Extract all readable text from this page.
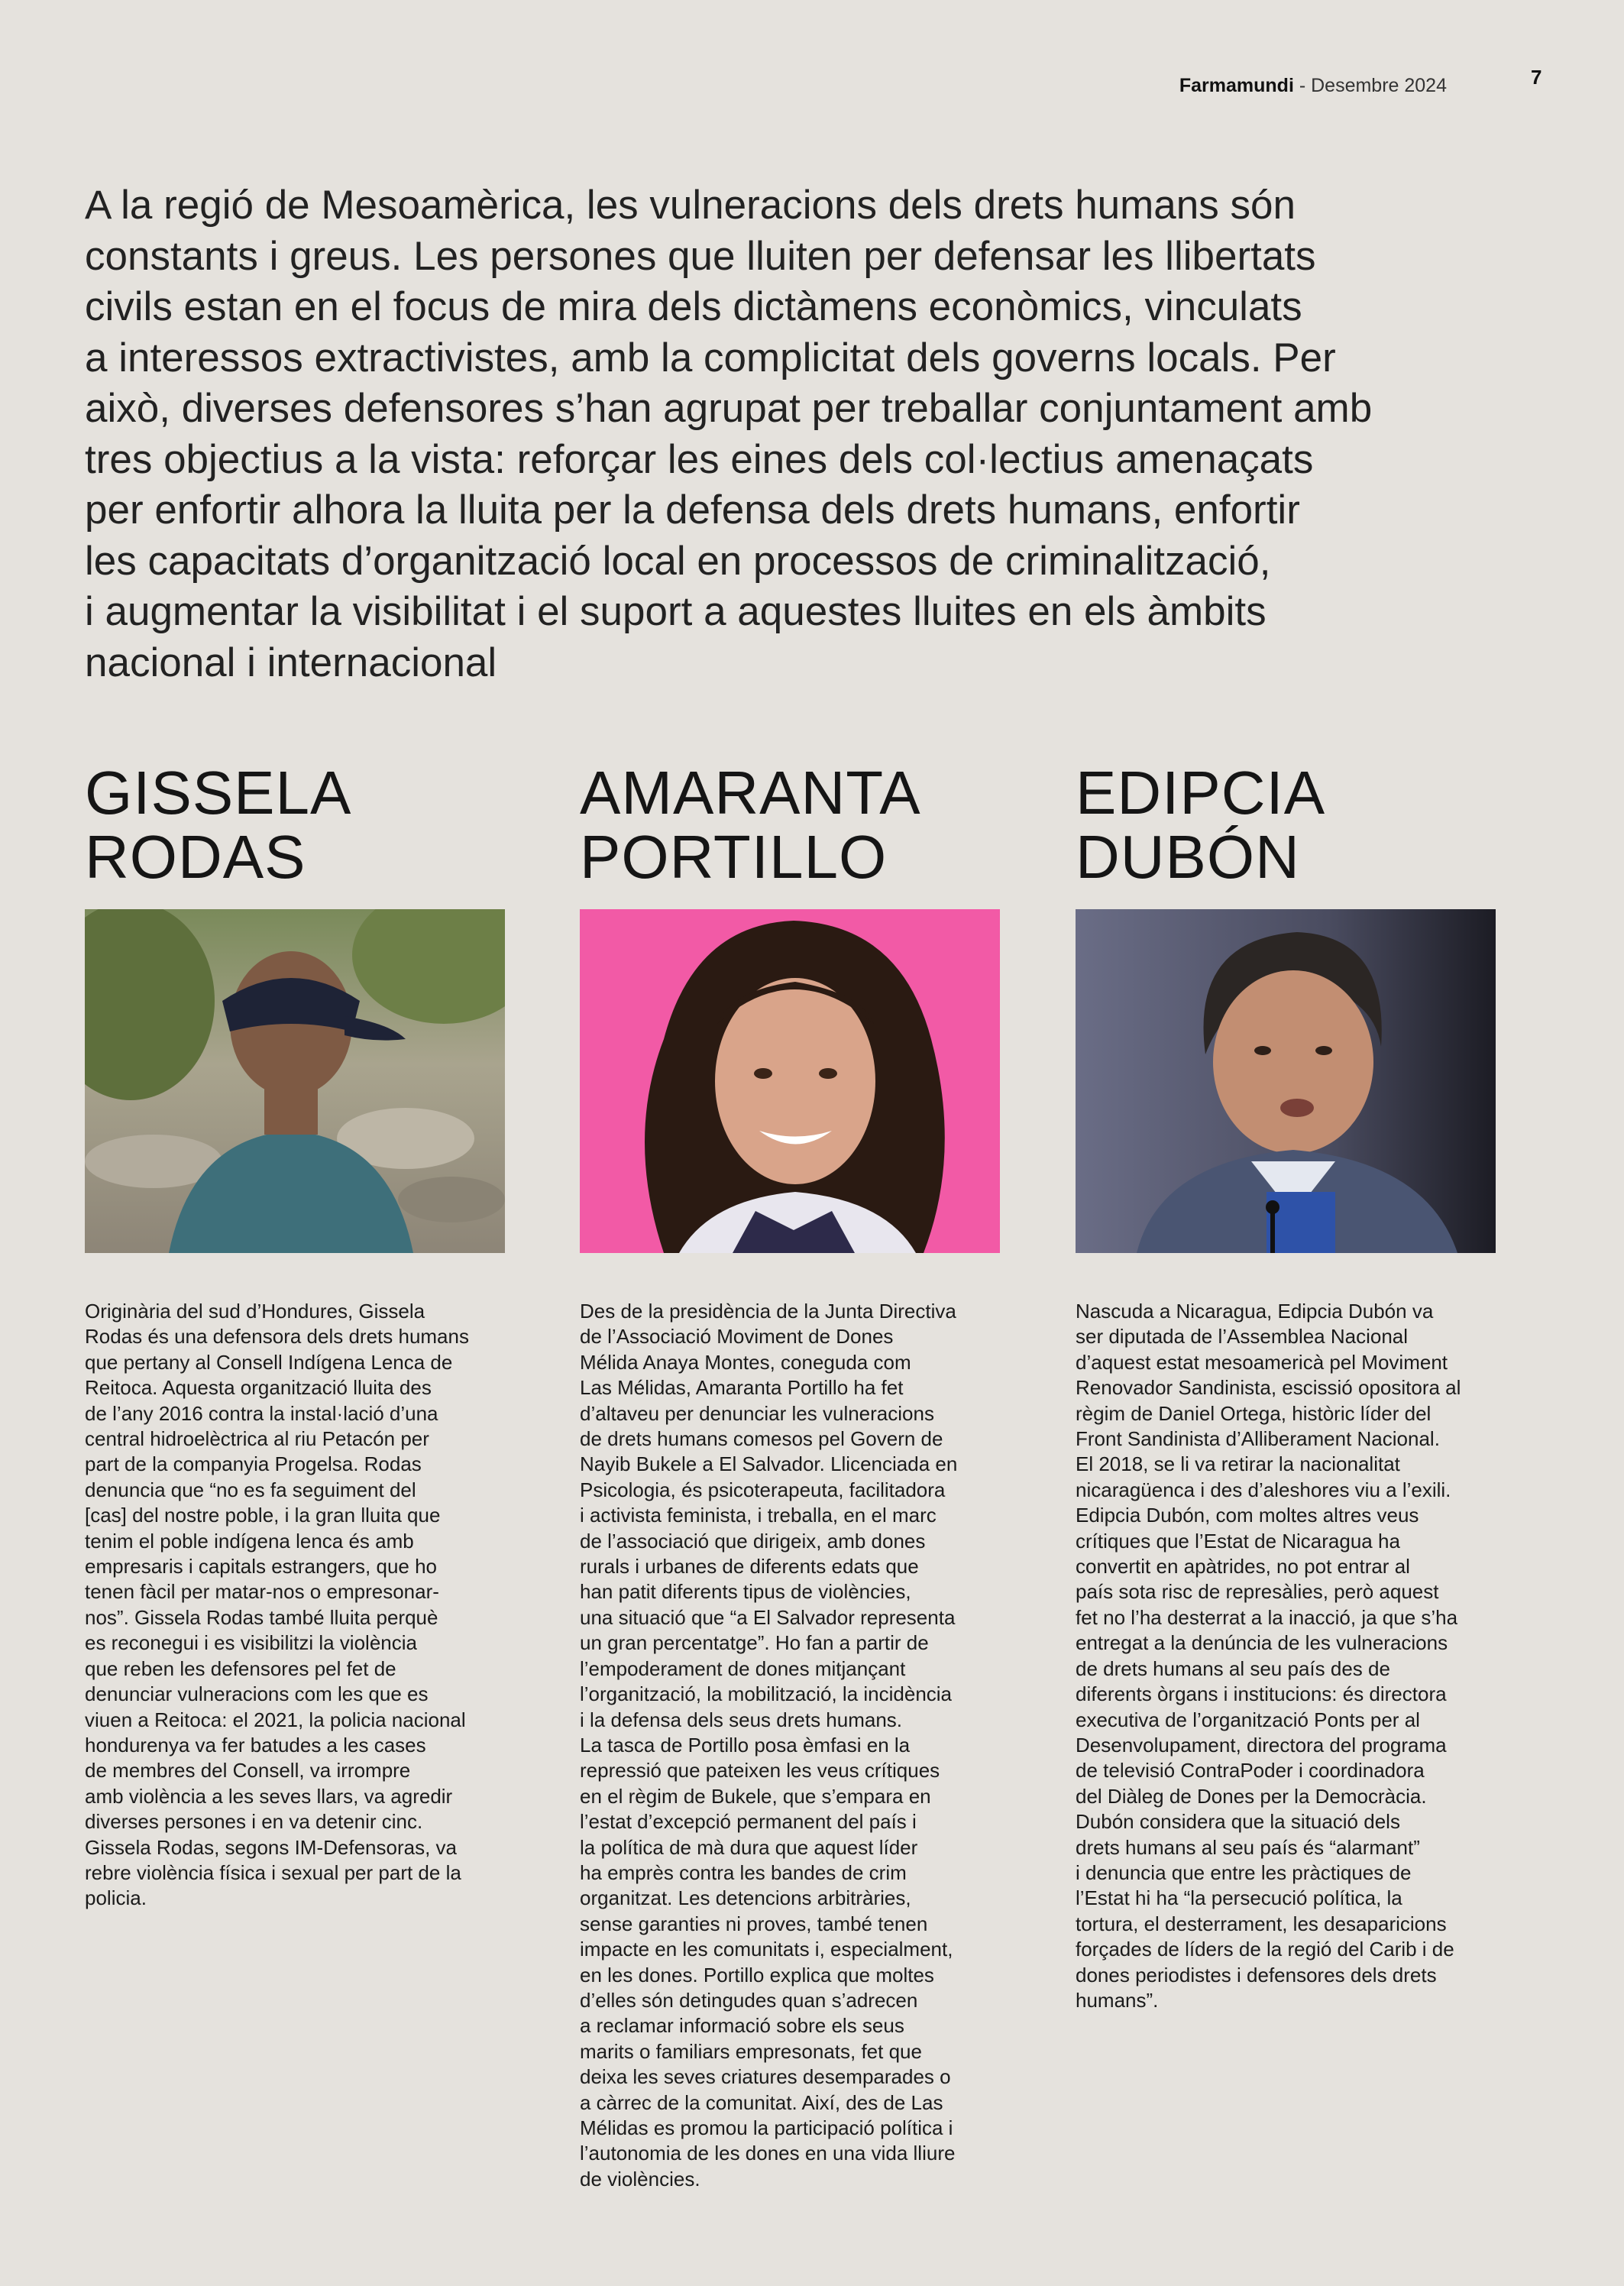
Farmamundi - Desembre 2024	7

A la regió de Mesoamèrica, les vulneracions dels drets humans són
constants i greus. Les persones que lluiten per defensar les llibertats
civils estan en el focus de mira dels dictàmens econòmics, vinculats
a interessos extractivistes, amb la complicitat dels governs locals. Per
això, diverses defensores s’han agrupat per treballar conjuntament amb
tres objectius a la vista: reforçar les eines dels col·lectius amenaçats
per enfortir alhora la lluita per la defensa dels drets humans, enfortir
les capacitats d’organització local en processos de criminalització,
i augmentar la visibilitat i el suport a aquestes lluites en els àmbits
nacional i internacional

GISSELA
RODAS

Originària del sud d’Hondures, Gissela
Rodas és una defensora dels drets humans
que pertany al Consell Indígena Lenca de
Reitoca. Aquesta organització lluita des
de l’any 2016 contra la instal·lació d’una
central hidroelèctrica al riu Petacón per
part de la companyia Progelsa. Rodas
denuncia que “no es fa seguiment del
[cas] del nostre poble, i la gran lluita que
tenim el poble indígena lenca és amb
empresaris i capitals estrangers, que ho
tenen fàcil per matar-nos o empresonar-
nos”. Gissela Rodas també lluita perquè
es reconegui i es visibilitzi la violència
que reben les defensores pel fet de
denunciar vulneracions com les que es
viuen a Reitoca: el 2021, la policia nacional
hondurenya va fer batudes a les cases
de membres del Consell, va irrompre
amb violència a les seves llars, va agredir
diverses persones i en va detenir cinc.
Gissela Rodas, segons IM-Defensoras, va
rebre violència física i sexual per part de la
policia.

AMARANTA
PORTILLO

Des de la presidència de la Junta Directiva
de l’Associació Moviment de Dones
Mélida Anaya Montes, coneguda com
Las Mélidas, Amaranta Portillo ha fet
d’altaveu per denunciar les vulneracions
de drets humans comesos pel Govern de
Nayib Bukele a El Salvador. Llicenciada en
Psicologia, és psicoterapeuta, facilitadora
i activista feminista, i treballa, en el marc
de l’associació que dirigeix, amb dones
rurals i urbanes de diferents edats que
han patit diferents tipus de violències,
una situació que “a El Salvador representa
un gran percentatge”. Ho fan a partir de
l’empoderament de dones mitjançant
l’organització, la mobilització, la incidència
i la defensa dels seus drets humans.
La tasca de Portillo posa èmfasi en la
repressió que pateixen les veus crítiques
en el règim de Bukele, que s’empara en
l’estat d’excepció permanent del país i
la política de mà dura que aquest líder
ha emprès contra les bandes de crim
organitzat. Les detencions arbitràries,
sense garanties ni proves, també tenen
impacte en les comunitats i, especialment,
en les dones. Portillo explica que moltes
d’elles són detingudes quan s’adrecen
a reclamar informació sobre els seus
marits o familiars empresonats, fet que
deixa les seves criatures desemparades o
a càrrec de la comunitat. Així, des de Las
Mélidas es promou la participació política i
l’autonomia de les dones en una vida lliure
de violències.

EDIPCIA
DUBÓN

Nascuda a Nicaragua, Edipcia Dubón va
ser diputada de l’Assemblea Nacional
d’aquest estat mesoamericà pel Moviment
Renovador Sandinista, escissió opositora al
règim de Daniel Ortega, històric líder del
Front Sandinista d’Alliberament Nacional.
El 2018, se li va retirar la nacionalitat
nicaragüenca i des d’aleshores viu a l’exili.
Edipcia Dubón, com moltes altres veus
crítiques que l’Estat de Nicaragua ha
convertit en apàtrides, no pot entrar al
país sota risc de represàlies, però aquest
fet no l’ha desterrat a la inacció, ja que s’ha
entregat a la denúncia de les vulneracions
de drets humans al seu país des de
diferents òrgans i institucions: és directora
executiva de l’organització Ponts per al
Desenvolupament, directora del programa
de televisió ContraPoder i coordinadora
del Diàleg de Dones per la Democràcia.
Dubón considera que la situació dels
drets humans al seu país és “alarmant”
i denuncia que entre les pràctiques de
l’Estat hi ha “la persecució política, la
tortura, el desterrament, les desaparicions
forçades de líders de la regió del Carib i de
dones periodistes i defensores dels drets
humans”.
